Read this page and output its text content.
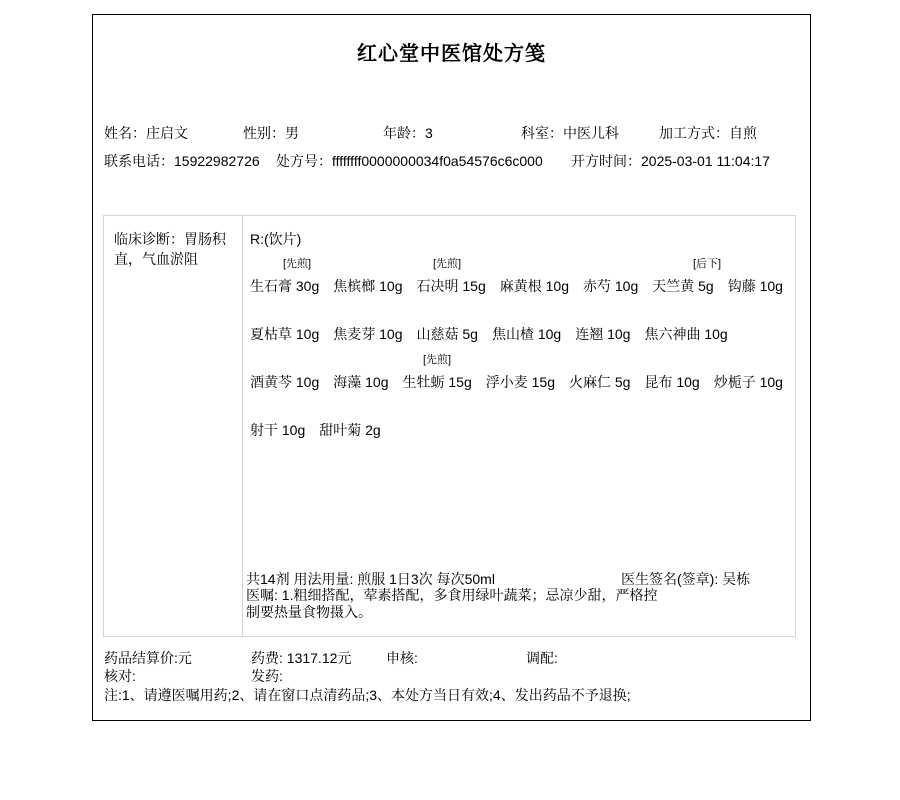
红心堂中医馆处方笺
姓名：庄启文	性别：男	年龄：3	科室：中医儿科	加工方式：自煎
联系电话：15922982726 处方号：ffffffff0000000034f0a54576c6c000 开方时间：2025-03-01 11:04:17
临床诊断：胃肠积直，气血淤阻
R:(饮片)
[先煎]	[先煎]	[后下]
生石膏 30g  焦槟榔 10g  石决明 15g  麻黄根 10g  赤芍 10g  天竺黄 5g  钩藤 10g
夏枯草 10g  焦麦芽 10g  山慈菇 5g  焦山楂 10g  连翘 10g  焦六神曲 10g
[先煎]
酒黄芩 10g  海藻 10g  生牡蛎 15g  浮小麦 15g  火麻仁 5g  昆布 10g  炒栀子 10g
射干 10g  甜叶菊 2g
共14剂 用法用量: 煎服 1日3次 每次50ml	医生签名(签章): 吴栋
医嘱: 1.粗细搭配，荤素搭配，多食用绿叶蔬菜；忌凉少甜，严格控制要热量食物摄入。
药品结算价:元	药费: 1317.12元 申核:	调配:
核对:	发药:
注:1、请遵医嘱用药;2、请在窗口点清药品;3、本处方当日有效;4、发出药品不予退换;
